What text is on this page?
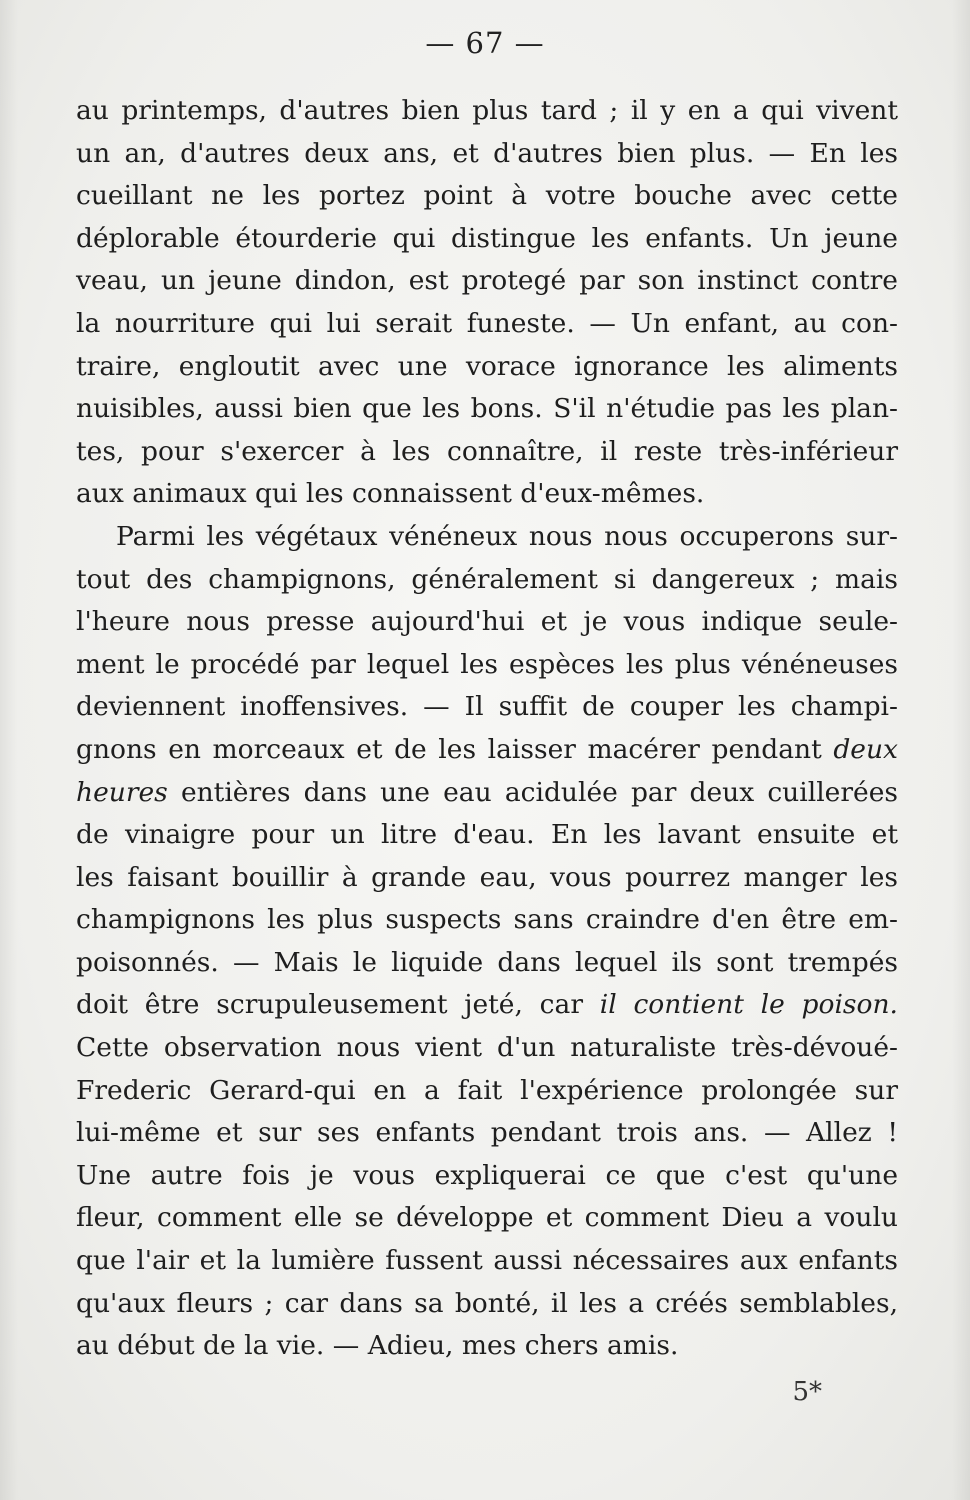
— 67 —
au printemps, d'autres bien plus tard ; il y en a qui vivent
un an, d'autres deux ans, et d'autres bien plus. — En les
cueillant ne les portez point à votre bouche avec cette
déplorable étourderie qui distingue les enfants. Un jeune
veau, un jeune dindon, est protegé par son instinct contre
la nourriture qui lui serait funeste. — Un enfant, au con-
traire, engloutit avec une vorace ignorance les aliments
nuisibles, aussi bien que les bons. S'il n'étudie pas les plan-
tes, pour s'exercer à les connaître, il reste très-inférieur
aux animaux qui les connaissent d'eux-mêmes.
Parmi les végétaux vénéneux nous nous occuperons sur-
tout des champignons, généralement si dangereux ; mais
l'heure nous presse aujourd'hui et je vous indique seule-
ment le procédé par lequel les espèces les plus vénéneuses
deviennent inoffensives. — Il suffit de couper les champi-
gnons en morceaux et de les laisser macérer pendant deux
heures entières dans une eau acidulée par deux cuillerées
de vinaigre pour un litre d'eau. En les lavant ensuite et
les faisant bouillir à grande eau, vous pourrez manger les
champignons les plus suspects sans craindre d'en être em-
poisonnés. — Mais le liquide dans lequel ils sont trempés
doit être scrupuleusement jeté, car il contient le poison.
Cette observation nous vient d'un naturaliste très-dévoué-
Frederic Gerard-qui en a fait l'expérience prolongée sur
lui-même et sur ses enfants pendant trois ans. — Allez !
Une autre fois je vous expliquerai ce que c'est qu'une
fleur, comment elle se développe et comment Dieu a voulu
que l'air et la lumière fussent aussi nécessaires aux enfants
qu'aux fleurs ; car dans sa bonté, il les a créés semblables,
au début de la vie. — Adieu, mes chers amis.
5*
